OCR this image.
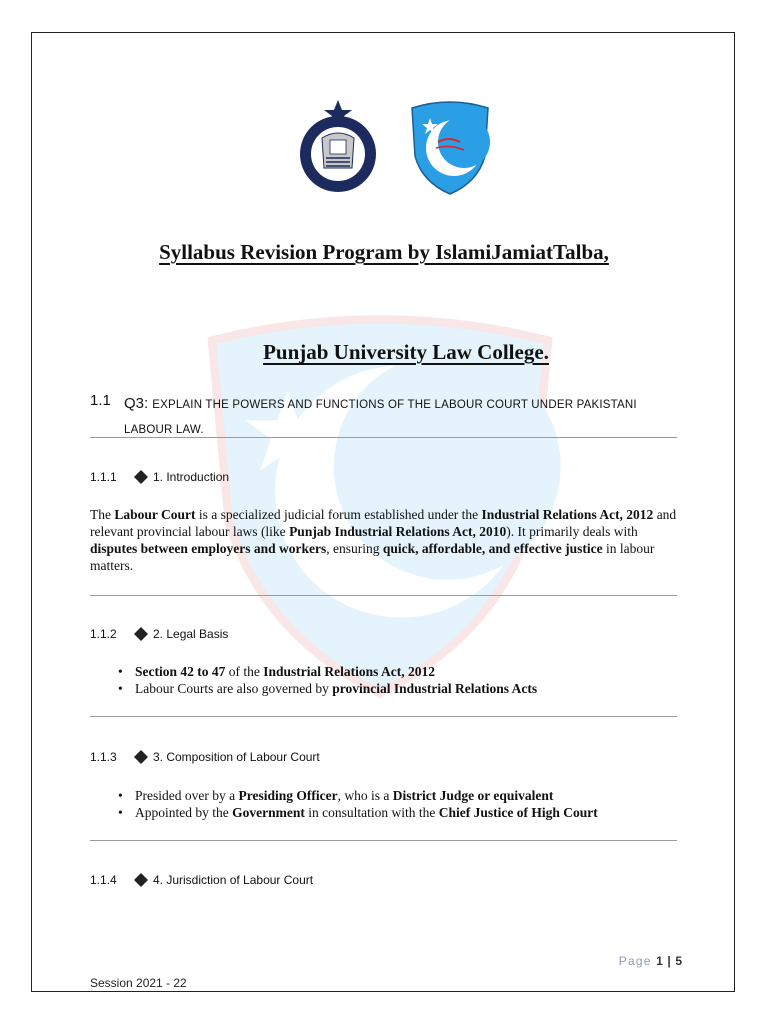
Syllabus Revision Program by IslamiJamiatTalba,
Punjab University Law College.
1.1 Q3: EXPLAIN THE POWERS AND FUNCTIONS OF THE LABOUR COURT UNDER PAKISTANI
LABOUR LAW.
1.1.1	1. Introduction
The Labour Court is a specialized judicial forum established under the Industrial Relations Act, 2012 and relevant provincial labour laws (like Punjab Industrial Relations Act, 2010). It primarily deals with disputes between employers and workers, ensuring quick, affordable, and effective justice in labour matters.
1.1.2	2. Legal Basis
• Section 42 to 47 of the Industrial Relations Act, 2012
• Labour Courts are also governed by provincial Industrial Relations Acts
1.1.3	3. Composition of Labour Court
• Presided over by a Presiding Officer, who is a District Judge or equivalent
• Appointed by the Government in consultation with the Chief Justice of High Court
1.1.4	4. Jurisdiction of Labour Court
Page 1 | 5
Session 2021 - 22
